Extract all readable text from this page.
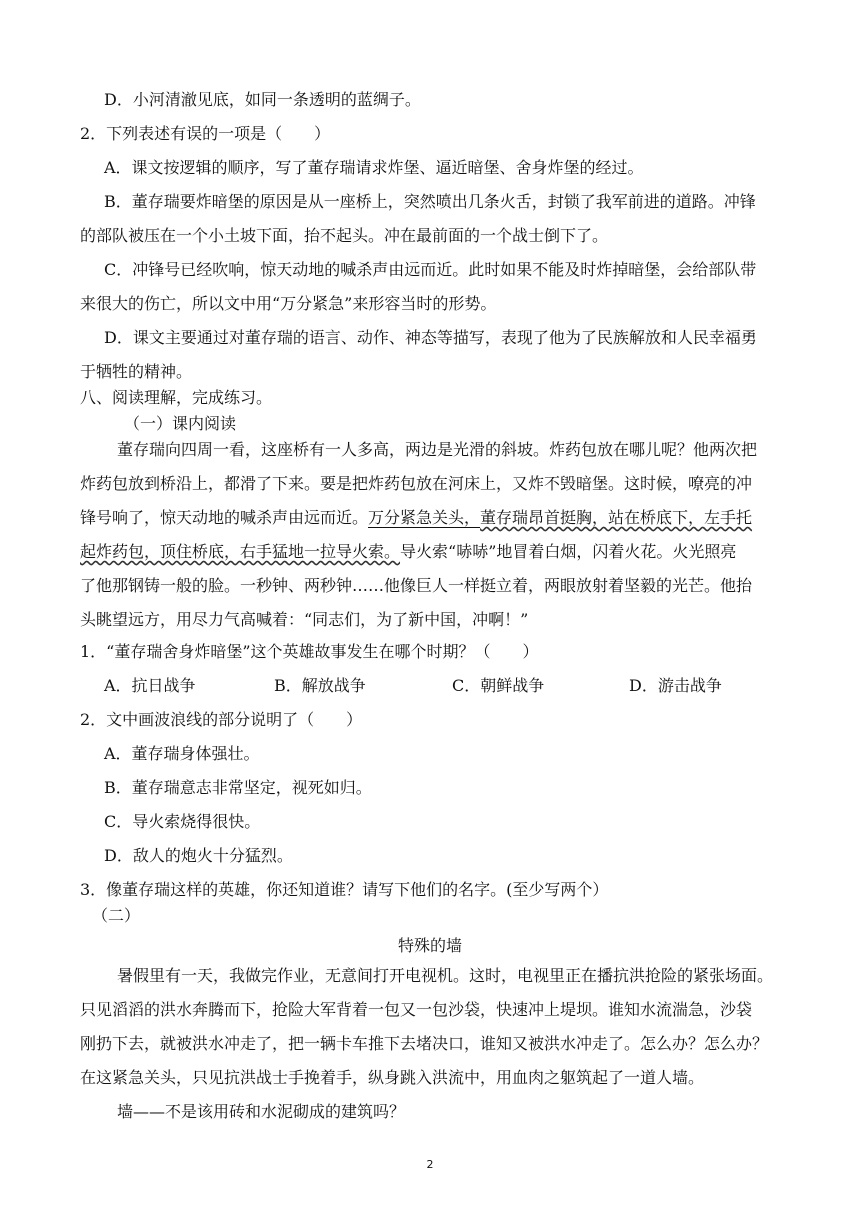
D．小河清澈见底，如同一条透明的蓝绸子。
2．下列表述有误的一项是（　　）
A．课文按逻辑的顺序，写了董存瑞请求炸堡、逼近暗堡、舍身炸堡的经过。
B．董存瑞要炸暗堡的原因是从一座桥上，突然喷出几条火舌，封锁了我军前进的道路。冲锋
的部队被压在一个小土坡下面，抬不起头。冲在最前面的一个战士倒下了。
C．冲锋号已经吹响，惊天动地的喊杀声由远而近。此时如果不能及时炸掉暗堡，会给部队带
来很大的伤亡，所以文中用“万分紧急”来形容当时的形势。
D．课文主要通过对董存瑞的语言、动作、神态等描写，表现了他为了民族解放和人民幸福勇
于牺牲的精神。
八、阅读理解，完成练习。
（一）课内阅读
董存瑞向四周一看，这座桥有一人多高，两边是光滑的斜坡。炸药包放在哪儿呢？他两次把
炸药包放到桥沿上，都滑了下来。要是把炸药包放在河床上，又炸不毁暗堡。这时候，嘹亮的冲
锋号响了，惊天动地的喊杀声由远而近。万分紧急关头，董存瑞昂首挺胸，站在桥底下，左手托
起炸药包，顶住桥底，右手猛地一拉导火索。导火索“哧哧”地冒着白烟，闪着火花。火光照亮
了他那钢铸一般的脸。一秒钟、两秒钟……他像巨人一样挺立着，两眼放射着坚毅的光芒。他抬
头眺望远方，用尽力气高喊着：“同志们，为了新中国，冲啊！”
1．“董存瑞舍身炸暗堡”这个英雄故事发生在哪个时期？（　　）
A．抗日战争	B．解放战争	C．朝鲜战争	D．游击战争
2．文中画波浪线的部分说明了（　　）
A．董存瑞身体强壮。
B．董存瑞意志非常坚定，视死如归。
C．导火索烧得很快。
D．敌人的炮火十分猛烈。
3．像董存瑞这样的英雄，你还知道谁？请写下他们的名字。(至少写两个）
（二）
特殊的墙
暑假里有一天，我做完作业，无意间打开电视机。这时，电视里正在播抗洪抢险的紧张场面。
只见滔滔的洪水奔腾而下，抢险大军背着一包又一包沙袋，快速冲上堤坝。谁知水流湍急，沙袋
刚扔下去，就被洪水冲走了，把一辆卡车推下去堵决口，谁知又被洪水冲走了。怎么办？怎么办？
在这紧急关头，只见抗洪战士手挽着手，纵身跳入洪流中，用血肉之躯筑起了一道人墙。
墙——不是该用砖和水泥砌成的建筑吗？
2
